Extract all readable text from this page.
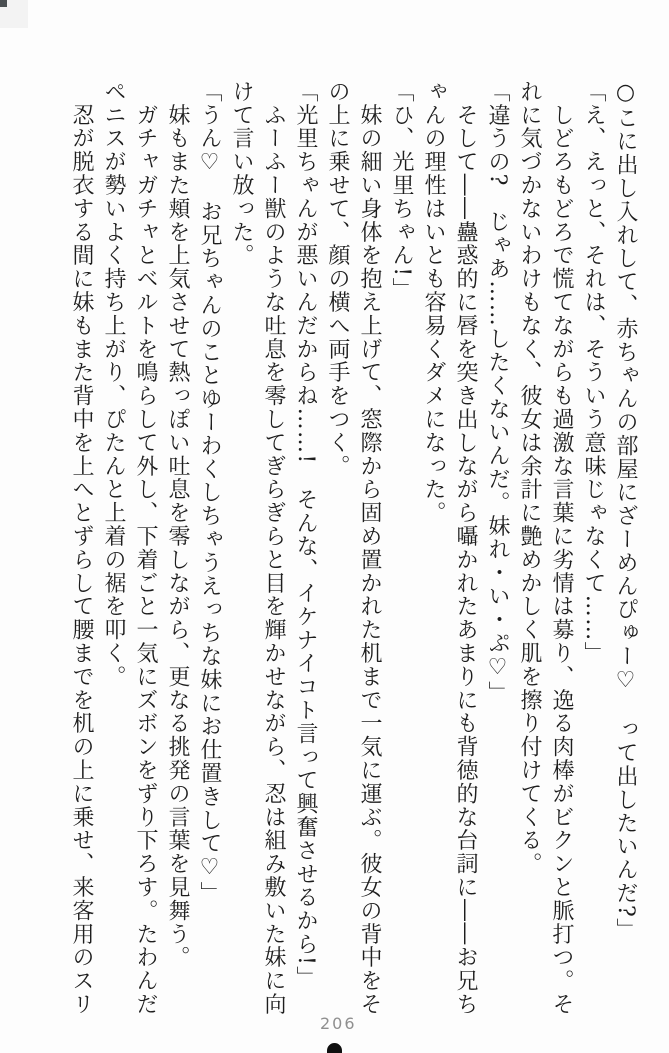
○こに出し入れして、赤ちゃんの部屋にざーめんぴゅー♡　って出したいんだ?」
「え、えっと、それは、そういう意味じゃなくて……」
　しどろもどろで慌てながらも過激な言葉に劣情は募り、逸る肉棒がビクンと脈打つ。そ
れに気づかないわけもなく、彼女は余計に艶めかしく肌を擦り付けてくる。
「違うの?　じゃあ……したくないんだ。妹れ・い・ぷ♡」
　そして――蠱惑的に唇を突き出しながら囁かれたあまりにも背徳的な台詞に――お兄ち
ゃんの理性はいとも容易くダメになった。
「ひ、光里ちゃん!」
　妹の細い身体を抱え上げて、窓際から固め置かれた机まで一気に運ぶ。彼女の背中をそ
の上に乗せて、顔の横へ両手をつく。
「光里ちゃんが悪いんだからね……!　そんな、イケナイコト言って興奮させるから!」
　ふーふー獣のような吐息を零してぎらぎらと目を輝かせながら、忍は組み敷いた妹に向
けて言い放った。
「うん♡　お兄ちゃんのことゆーわくしちゃうえっちな妹にお仕置きして♡」
　妹もまた頬を上気させて熱っぽい吐息を零しながら、更なる挑発の言葉を見舞う。
　ガチャガチャとベルトを鳴らして外し、下着ごと一気にズボンをずり下ろす。たわんだ
ペニスが勢いよく持ち上がり、ぴたんと上着の裾を叩く。
　忍が脱衣する間に妹もまた背中を上へとずらして腰までを机の上に乗せ、来客用のスリ
206
